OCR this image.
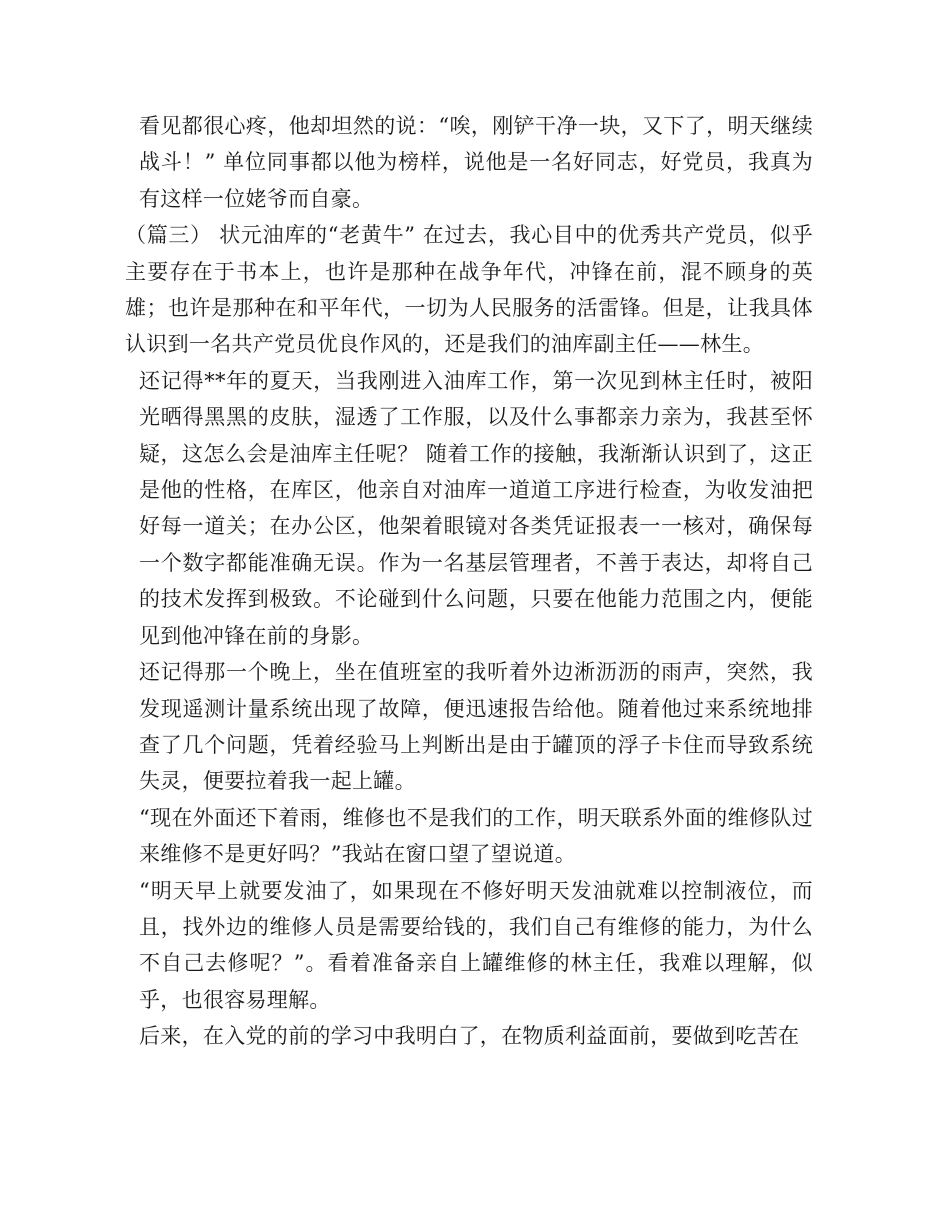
看见都很心疼，他却坦然的说：“唉，刚铲干净一块，又下了，明天继续战斗！” 单位同事都以他为榜样，说他是一名好同志，好党员，我真为有这样一位姥爷而自豪。

（篇三） 状元油库的“老黄牛” 在过去，我心目中的优秀共产党员，似乎主要存在于书本上，也许是那种在战争年代，冲锋在前，混不顾身的英雄；也许是那种在和平年代，一切为人民服务的活雷锋。但是，让我具体认识到一名共产党员优良作风的，还是我们的油库副主任——林生。

还记得**年的夏天，当我刚进入油库工作，第一次见到林主任时，被阳光晒得黑黑的皮肤，湿透了工作服，以及什么事都亲力亲为，我甚至怀疑，这怎么会是油库主任呢？ 随着工作的接触，我渐渐认识到了，这正是他的性格，在库区，他亲自对油库一道道工序进行检查，为收发油把好每一道关；在办公区，他架着眼镜对各类凭证报表一一核对，确保每一个数字都能准确无误。作为一名基层管理者，不善于表达，却将自己的技术发挥到极致。不论碰到什么问题，只要在他能力范围之内，便能见到他冲锋在前的身影。

还记得那一个晚上，坐在值班室的我听着外边淅沥沥的雨声，突然，我发现遥测计量系统出现了故障，便迅速报告给他。随着他过来系统地排查了几个问题，凭着经验马上判断出是由于罐顶的浮子卡住而导致系统失灵，便要拉着我一起上罐。

“现在外面还下着雨，维修也不是我们的工作，明天联系外面的维修队过来维修不是更好吗？”我站在窗口望了望说道。

“明天早上就要发油了，如果现在不修好明天发油就难以控制液位，而且，找外边的维修人员是需要给钱的，我们自己有维修的能力，为什么不自己去修呢？”。看着准备亲自上罐维修的林主任，我难以理解，似乎，也很容易理解。

后来，在入党的前的学习中我明白了，在物质利益面前，要做到吃苦在
